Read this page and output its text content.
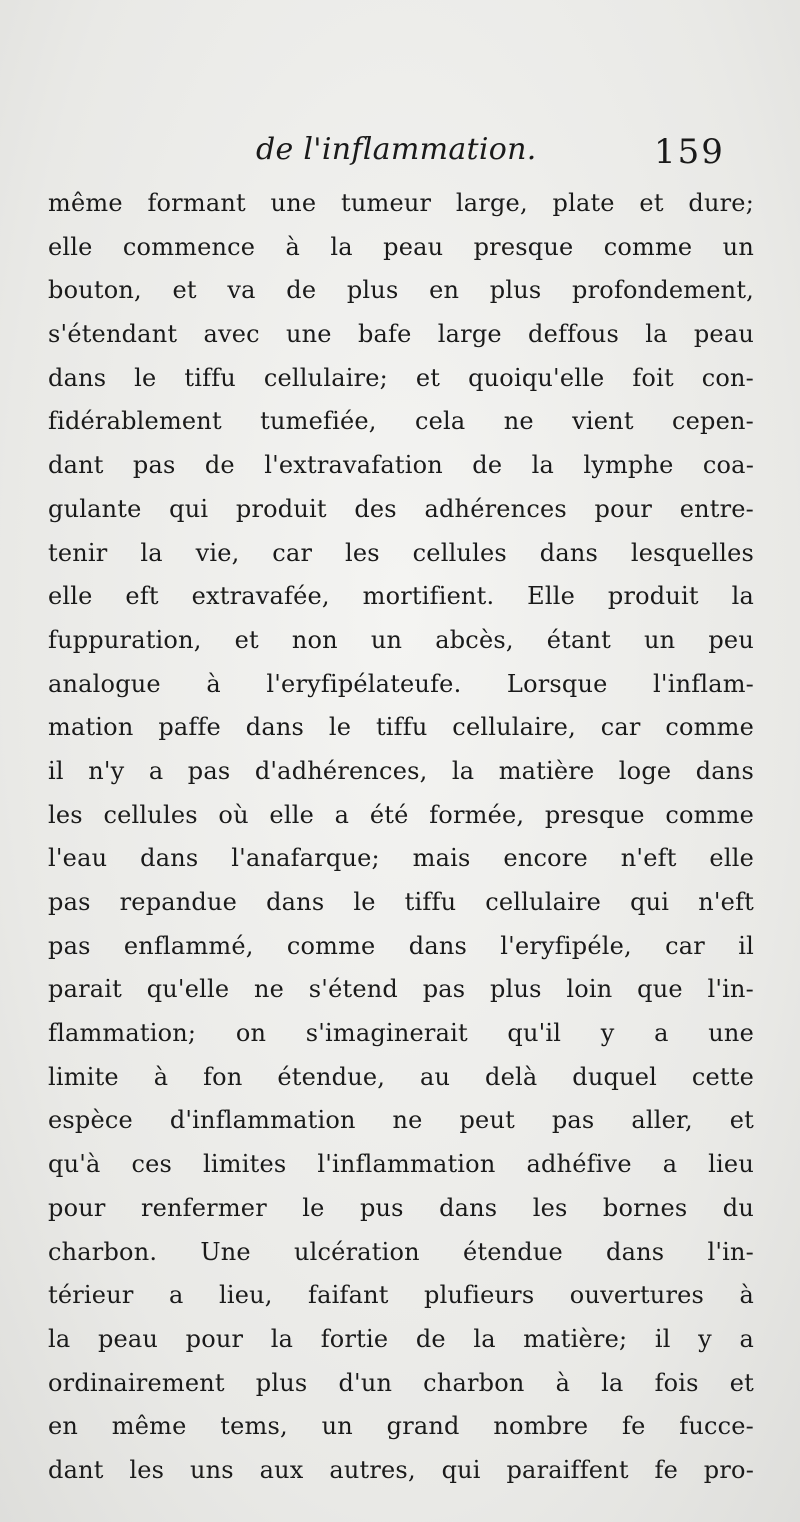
de l'inflammation.	159
même formant une tumeur large, plate et dure;
elle commence à la peau presque comme un
bouton, et va de plus en plus profondement,
s'étendant avec une bafe large deffous la peau
dans le tiffu cellulaire; et quoiqu'elle foit con-
fidérablement tumefiée, cela ne vient cepen-
dant pas de l'extravafation de la lymphe coa-
gulante qui produit des adhérences pour entre-
tenir la vie, car les cellules dans lesquelles
elle eft extravafée, mortifient. Elle produit la
fuppuration, et non un abcès, étant un peu
analogue à l'eryfipélateufe. Lorsque l'inflam-
mation paffe dans le tiffu cellulaire, car comme
il n'y a pas d'adhérences, la matière loge dans
les cellules où elle a été formée, presque comme
l'eau dans l'anafarque; mais encore n'eft elle
pas repandue dans le tiffu cellulaire qui n'eft
pas enflammé, comme dans l'eryfipéle, car il
parait qu'elle ne s'étend pas plus loin que l'in-
flammation; on s'imaginerait qu'il y a une
limite à fon étendue, au delà duquel cette
espèce d'inflammation ne peut pas aller, et
qu'à ces limites l'inflammation adhéfive a lieu
pour renfermer le pus dans les bornes du
charbon. Une ulcération étendue dans l'in-
térieur a lieu, faifant plufieurs ouvertures à
la peau pour la fortie de la matière; il y a
ordinairement plus d'un charbon à la fois et
en même tems, un grand nombre fe fucce-
dant les uns aux autres, qui paraiffent fe pro-
